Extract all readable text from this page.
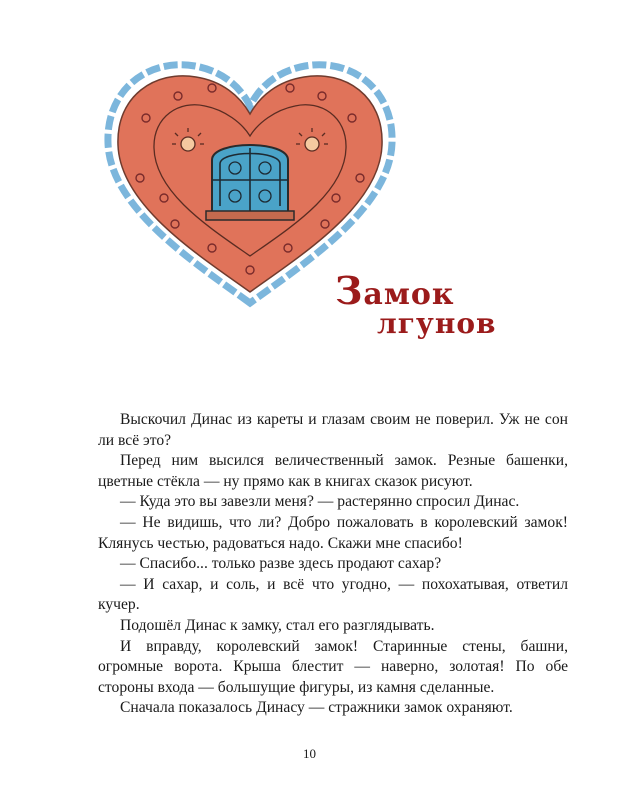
Замок
лгунов

Выскочил Динас из кареты и глазам своим не поверил. Уж не сон ли всё это?

Перед ним высился величественный замок. Резные башенки, цветные стёкла — ну прямо как в книгах сказок рисуют.

— Куда это вы завезли меня? — растерянно спросил Динас.

— Не видишь, что ли? Добро пожаловать в королевский замок! Клянусь честью, радоваться надо. Скажи мне спасибо!

— Спасибо... только разве здесь продают сахар?

— И сахар, и соль, и всё что угодно, — похохатывая, ответил кучер.

Подошёл Динас к замку, стал его разглядывать.

И вправду, королевский замок! Старинные стены, башни, огромные ворота. Крыша блестит — наверно, золотая! По обе стороны входа — большущие фигуры, из камня сделанные.

Сначала показалось Динасу — стражники замок охраняют.

10
